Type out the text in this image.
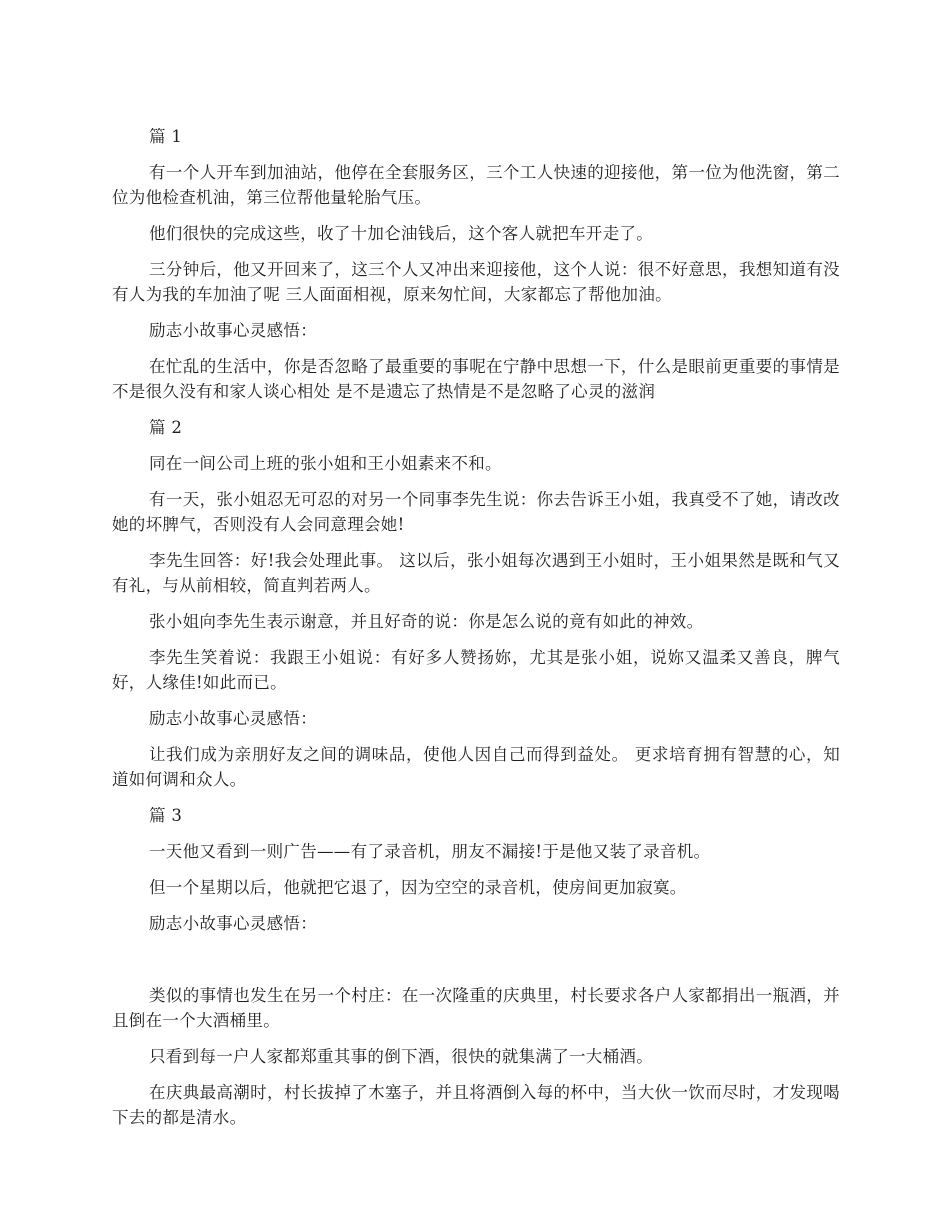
篇 1

有一个人开车到加油站，他停在全套服务区，三个工人快速的迎接他，第一位为他洗窗，第二位为他检查机油，第三位帮他量轮胎气压。

他们很快的完成这些，收了十加仑油钱后，这个客人就把车开走了。

三分钟后，他又开回来了，这三个人又冲出来迎接他，这个人说：很不好意思，我想知道有没有人为我的车加油了呢 三人面面相视，原来匆忙间，大家都忘了帮他加油。

励志小故事心灵感悟：

在忙乱的生活中，你是否忽略了最重要的事呢在宁静中思想一下，什么是眼前更重要的事情是不是很久没有和家人谈心相处 是不是遗忘了热情是不是忽略了心灵的滋润

篇 2

同在一间公司上班的张小姐和王小姐素来不和。

有一天，张小姐忍无可忍的对另一个同事李先生说：你去告诉王小姐，我真受不了她，请改改她的坏脾气，否则没有人会同意理会她!

李先生回答：好!我会处理此事。 这以后，张小姐每次遇到王小姐时，王小姐果然是既和气又有礼，与从前相较，简直判若两人。

张小姐向李先生表示谢意，并且好奇的说：你是怎么说的竟有如此的神效。

李先生笑着说：我跟王小姐说：有好多人赞扬妳，尤其是张小姐，说妳又温柔又善良，脾气好，人缘佳!如此而已。

励志小故事心灵感悟：

让我们成为亲朋好友之间的调味品，使他人因自己而得到益处。 更求培育拥有智慧的心，知道如何调和众人。

篇 3

一天他又看到一则广告——有了录音机，朋友不漏接!于是他又装了录音机。

但一个星期以后，他就把它退了，因为空空的录音机，使房间更加寂寞。

励志小故事心灵感悟：

类似的事情也发生在另一个村庄：在一次隆重的庆典里，村长要求各户人家都捐出一瓶酒，并且倒在一个大酒桶里。

只看到每一户人家都郑重其事的倒下酒，很快的就集满了一大桶酒。

在庆典最高潮时，村长拔掉了木塞子，并且将酒倒入每的杯中，当大伙一饮而尽时，才发现喝下去的都是清水。
